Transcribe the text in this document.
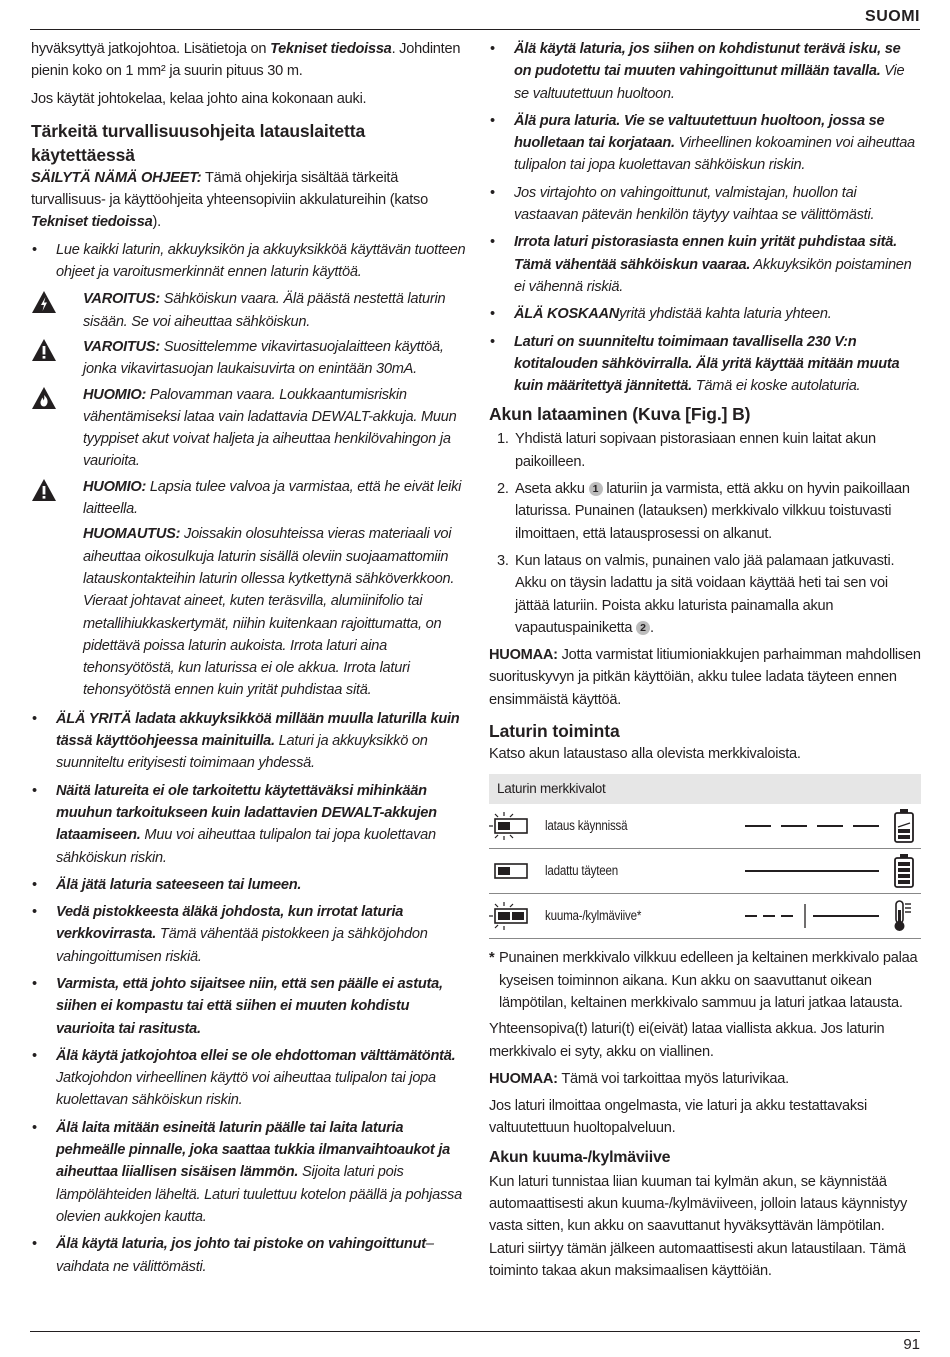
SUOMI

hyväksyttyä jatkojohtoa. Lisätietoja on Tekniset tiedoissa. Johdinten pienin koko on 1 mm² ja suurin pituus 30 m.

Jos käytät johtokelaa, kelaa johto aina kokonaan auki.

Tärkeitä turvallisuusohjeita latauslaitetta käytettäessä

SÄILYTÄ NÄMÄ OHJEET: Tämä ohjekirja sisältää tärkeitä turvallisuus- ja käyttöohjeita yhteensopiviin akkulatureihin (katso Tekniset tiedoissa).

• Lue kaikki laturin, akkuyksikön ja akkuyksikköä käyttävän tuotteen ohjeet ja varoitusmerkinnät ennen laturin käyttöä.
VAROITUS: Sähköiskun vaara. Älä päästä nestettä laturin sisään. Se voi aiheuttaa sähköiskun.
VAROITUS: Suosittelemme vikavirtasuojalaitteen käyttöä, jonka vikavirtasuojan laukaisuvirta on enintään 30mA.
HUOMIO: Palovamman vaara. Loukkaantumisriskin vähentämiseksi lataa vain ladattavia DEWALT-akkuja. Muun tyyppiset akut voivat haljeta ja aiheuttaa henkilövahingon ja vaurioita.
HUOMIO: Lapsia tulee valvoa ja varmistaa, että he eivät leiki laitteella.
HUOMAUTUS: Joissakin olosuhteissa vieras materiaali voi aiheuttaa oikosulkuja laturin sisällä oleviin suojaamattomiin latauskontakteihin laturin ollessa kytkettynä sähköverkkoon. Vieraat johtavat aineet, kuten teräsvilla, alumiinifolio tai metallihiukkaskertymät, niihin kuitenkaan rajoittumatta, on pidettävä poissa laturin aukoista. Irrota laturi aina tehonsyötöstä, kun laturissa ei ole akkua. Irrota laturi tehonsyötöstä ennen kuin yrität puhdistaa sitä.
• ÄLÄ YRITÄ ladata akkuyksikköä millään muulla laturilla kuin tässä käyttöohjeessa mainituilla. Laturi ja akkuyksikkö on suunniteltu erityisesti toimimaan yhdessä.
• Näitä latureita ei ole tarkoitettu käytettäväksi mihinkään muuhun tarkoitukseen kuin ladattavien DEWALT-akkujen lataamiseen. Muu voi aiheuttaa tulipalon tai jopa kuolettavan sähköiskun riskin.
• Älä jätä laturia sateeseen tai lumeen.
• Vedä pistokkeesta äläkä johdosta, kun irrotat laturia verkkovirrasta. Tämä vähentää pistokkeen ja sähköjohdon vahingoittumisen riskiä.
• Varmista, että johto sijaitsee niin, että sen päälle ei astuta, siihen ei kompastu tai että siihen ei muuten kohdistu vaurioita tai rasitusta.
• Älä käytä jatkojohtoa ellei se ole ehdottoman välttämätöntä. Jatkojohdon virheellinen käyttö voi aiheuttaa tulipalon tai jopa kuolettavan sähköiskun riskin.
• Älä laita mitään esineitä laturin päälle tai laita laturia pehmeälle pinnalle, joka saattaa tukkia ilmanvaihtoaukot ja aiheuttaa liiallisen sisäisen lämmön. Sijoita laturi pois lämpölähteiden läheltä. Laturi tuulettuu kotelon päällä ja pohjassa olevien aukkojen kautta.
• Älä käytä laturia, jos johto tai pistoke on vahingoittunut– vaihdata ne välittömästi.
• Älä käytä laturia, jos siihen on kohdistunut terävä isku, se on pudotettu tai muuten vahingoittunut millään tavalla. Vie se valtuutettuun huoltoon.
• Älä pura laturia. Vie se valtuutettuun huoltoon, jossa se huolletaan tai korjataan. Virheellinen kokoaminen voi aiheuttaa tulipalon tai jopa kuolettavan sähköiskun riskin.
• Jos virtajohto on vahingoittunut, valmistajan, huollon tai vastaavan pätevän henkilön täytyy vaihtaa se välittömästi.
• Irrota laturi pistorasiasta ennen kuin yrität puhdistaa sitä. Tämä vähentää sähköiskun vaaraa. Akkuyksikön poistaminen ei vähennä riskiä.
• ÄLÄ KOSKAANyritä yhdistää kahta laturia yhteen.
• Laturi on suunniteltu toimimaan tavallisella 230 V:n kotitalouden sähkövirralla. Älä yritä käyttää mitään muuta kuin määritettyä jännitettä. Tämä ei koske autolaturia.
Akun lataaminen (Kuva [Fig.] B)
1. Yhdistä laturi sopivaan pistorasiaan ennen kuin laitat akun paikoilleen.
2. Aseta akku 1 laturiin ja varmista, että akku on hyvin paikoillaan laturissa. Punainen (latauksen) merkkivalo vilkkuu toistuvasti ilmoittaen, että latausprosessi on alkanut.
3. Kun lataus on valmis, punainen valo jää palamaan jatkuvasti. Akku on täysin ladattu ja sitä voidaan käyttää heti tai sen voi jättää laturiin. Poista akku laturista painamalla akun vapautuspainiketta 2 .

HUOMAA: Jotta varmistat litiumioniakkujen parhaimman mahdollisen suorituskyvyn ja pitkän käyttöiän, akku tulee ladata täyteen ennen ensimmäistä käyttöä.

Laturin toiminta

Katso akun lataustaso alla olevista merkkivaloista.

Laturin merkkivalot
lataus käynnissä
ladattu täyteen
kuuma-/kylmäviive*
* Punainen merkkivalo vilkkuu edelleen ja keltainen merkkivalo palaa kyseisen toiminnon aikana. Kun akku on saavuttanut oikean lämpötilan, keltainen merkkivalo sammuu ja laturi jatkaa latausta.

Yhteensopiva(t) laturi(t) ei(eivät) lataa viallista akkua. Jos laturin merkkivalo ei syty, akku on viallinen.

HUOMAA: Tämä voi tarkoittaa myös laturivikaa.

Jos laturi ilmoittaa ongelmasta, vie laturi ja akku testattavaksi valtuutettuun huoltopalveluun.

Akun kuuma-/kylmäviive

Kun laturi tunnistaa liian kuuman tai kylmän akun, se käynnistää automaattisesti akun kuuma-/kylmäviiveen, jolloin lataus käynnistyy vasta sitten, kun akku on saavuttanut hyväksyttävän lämpötilan. Laturi siirtyy tämän jälkeen automaattisesti akun lataustilaan. Tämä toiminto takaa akun maksimaalisen käyttöiän.

91
